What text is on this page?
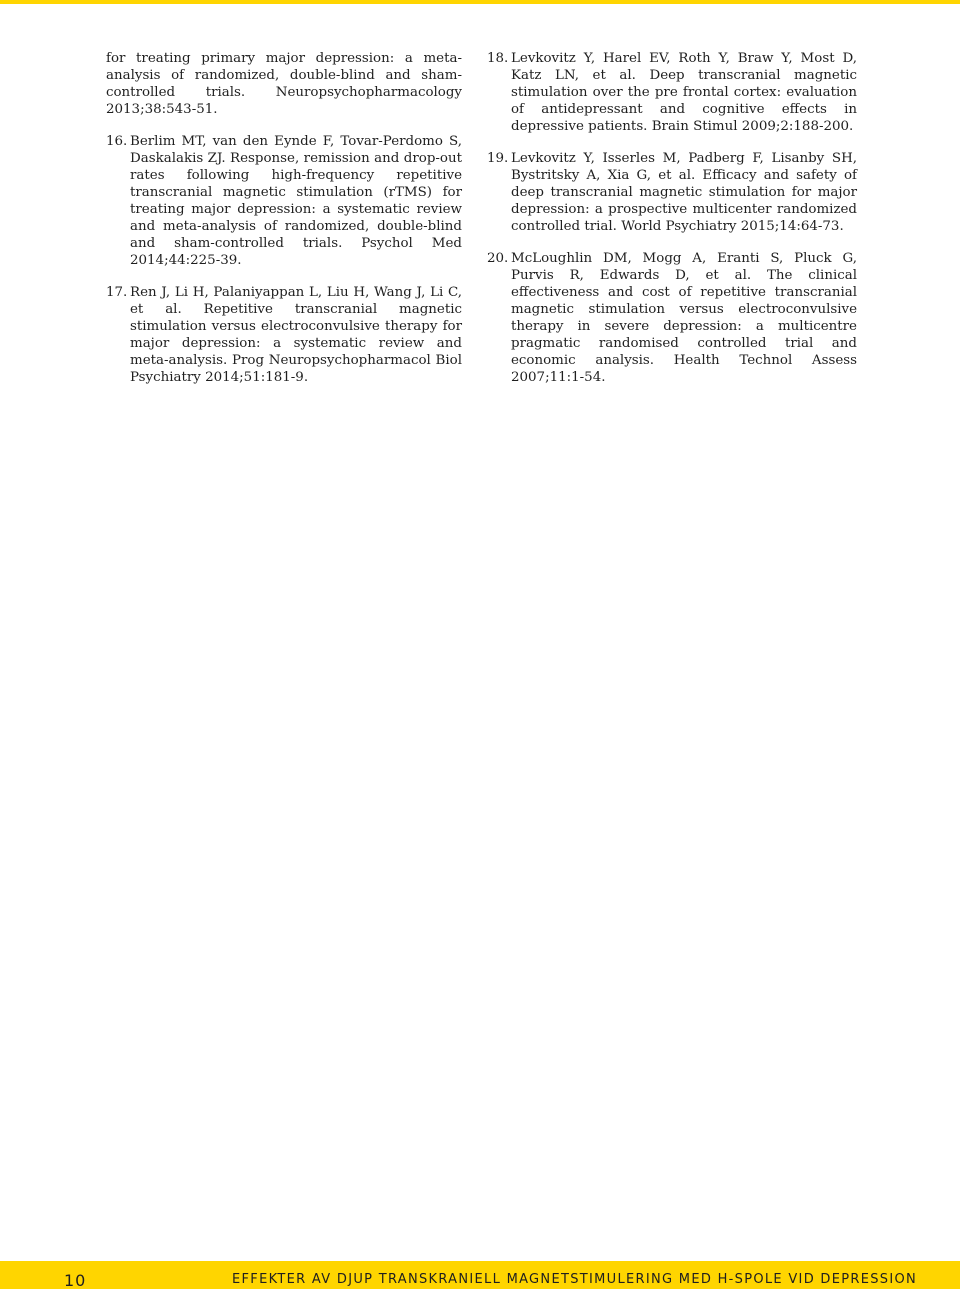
for treating primary major depression: a meta-analysis of randomized, double-blind and sham-controlled trials. Neuropsychopharmacology 2013;38:543-51.

16. Berlim MT, van den Eynde F, Tovar-Perdomo S, Daskalakis ZJ. Response, remission and drop-out rates following high-frequency repetitive transcranial magnetic stimulation (rTMS) for treating major depression: a systematic review and meta-analysis of randomized, double-blind and sham-controlled trials. Psychol Med 2014;44:225-39.
17. Ren J, Li H, Palaniyappan L, Liu H, Wang J, Li C, et al. Repetitive transcranial magnetic stimulation versus electroconvulsive therapy for major depression: a systematic review and meta-analysis. Prog Neuropsychopharmacol Biol Psychiatry 2014;51:181-9.
18. Levkovitz Y, Harel EV, Roth Y, Braw Y, Most D, Katz LN, et al. Deep transcranial magnetic stimulation over the pre frontal cortex: evaluation of antidepressant and cognitive effects in depressive patients. Brain Stimul 2009;2:188-200.
19. Levkovitz Y, Isserles M, Padberg F, Lisanby SH, Bystritsky A, Xia G, et al. Efficacy and safety of deep transcranial magnetic stimulation for major depression: a prospective multicenter randomized controlled trial. World Psychiatry 2015;14:64-73.
20. McLoughlin DM, Mogg A, Eranti S, Pluck G, Purvis R, Edwards D, et al. The clinical effectiveness and cost of repetitive transcranial magnetic stimulation versus electroconvulsive therapy in severe depression: a multicentre pragmatic randomised controlled trial and economic analysis. Health Technol Assess 2007;11:1-54.
10	EFFEKTER AV DJUP TRANSKRANIELL MAGNETSTIMULERING MED H-SPOLE VID DEPRESSION
